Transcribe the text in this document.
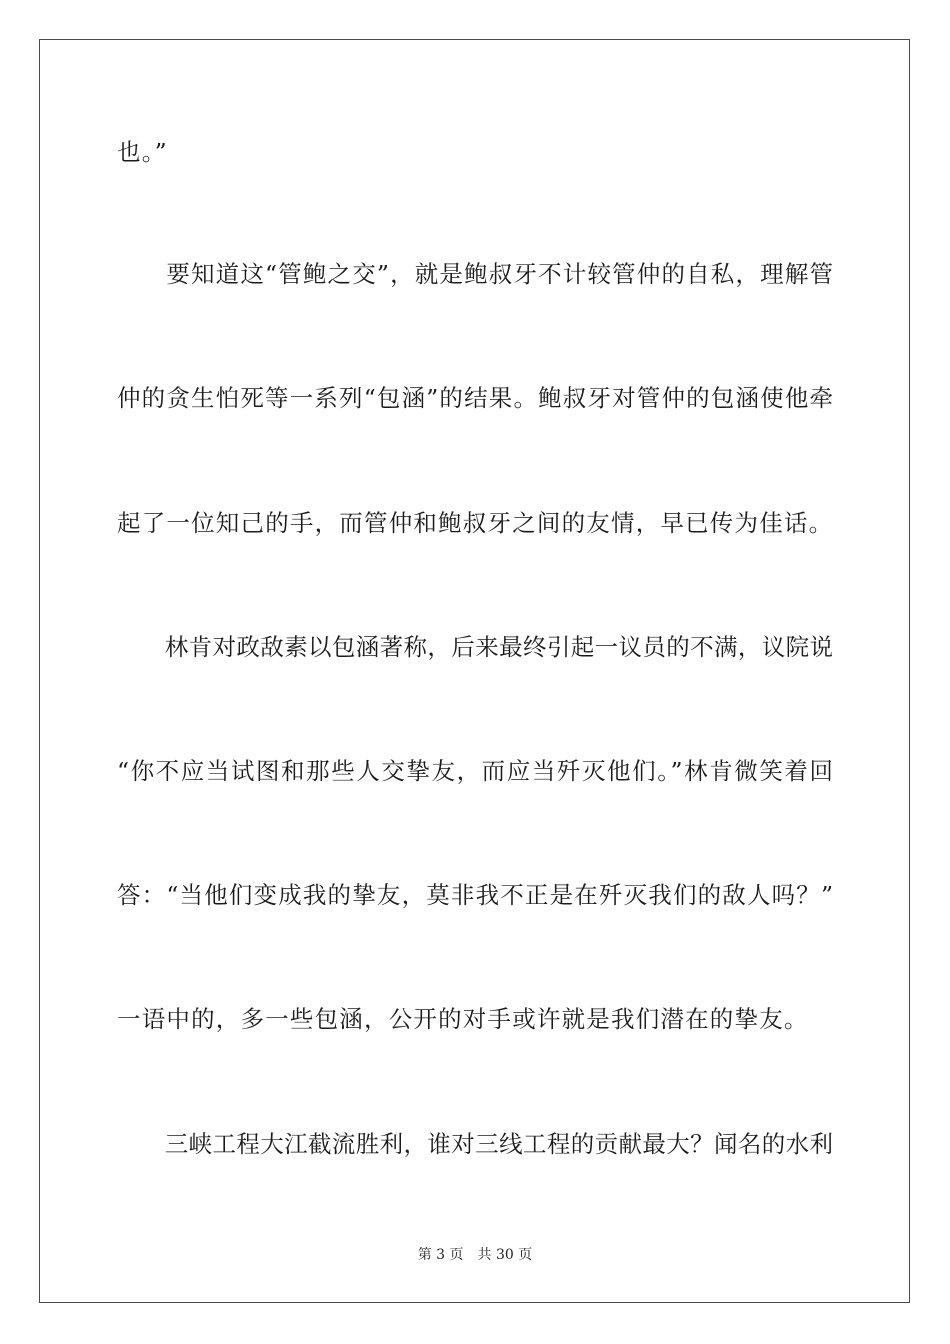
也。”
　　要知道这“管鲍之交”，就是鲍叔牙不计较管仲的自私，理解管
仲的贪生怕死等一系列“包涵”的结果。鲍叔牙对管仲的包涵使他牵
起了一位知己的手，而管仲和鲍叔牙之间的友情，早已传为佳话。
　　林肯对政敌素以包涵著称，后来最终引起一议员的不满，议院说
“你不应当试图和那些人交挚友，而应当歼灭他们。”林肯微笑着回
答：“当他们变成我的挚友，莫非我不正是在歼灭我们的敌人吗？”
一语中的，多一些包涵，公开的对手或许就是我们潜在的挚友。
　　三峡工程大江截流胜利，谁对三线工程的贡献最大？闻名的水利
第 3 页　共 30 页
